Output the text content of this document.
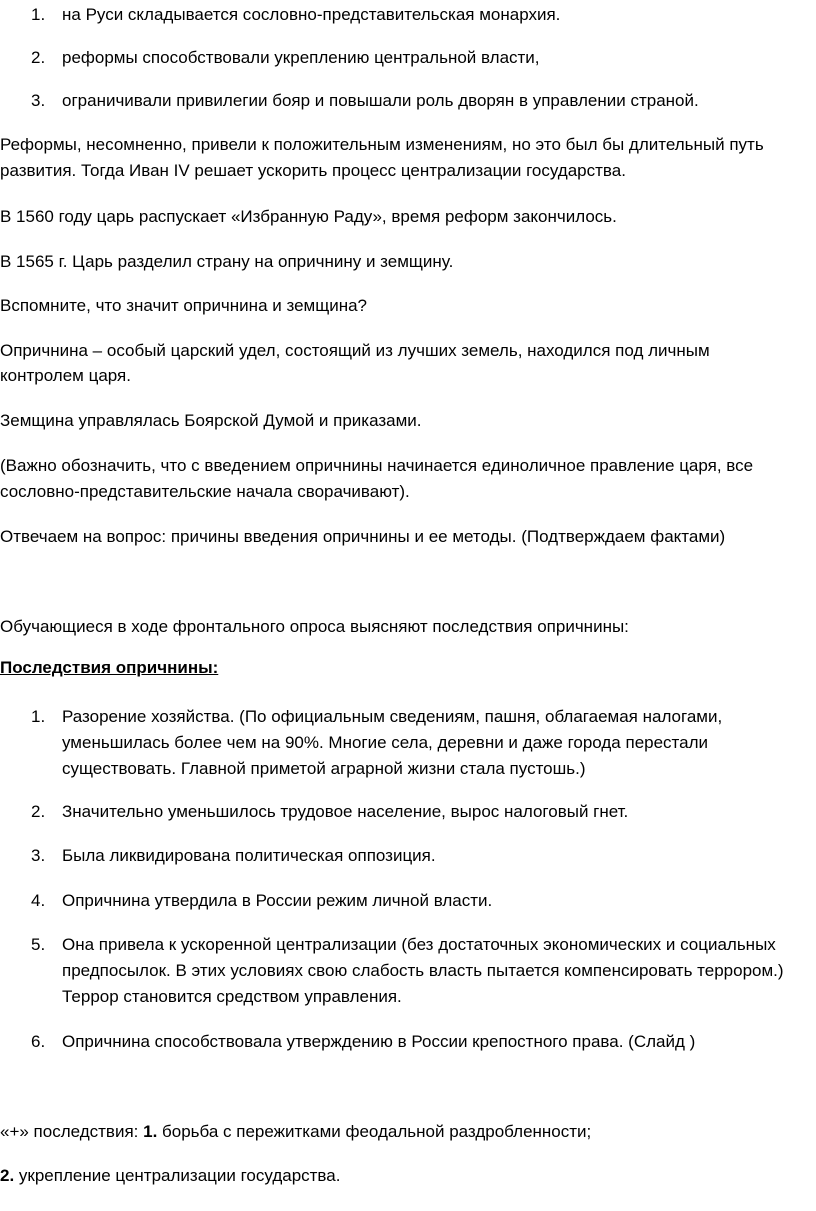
1. на Руси складывается сословно-представительская монархия.
2. реформы способствовали укреплению центральной власти,
3. ограничивали привилегии бояр и повышали роль дворян в управлении страной.
Реформы, несомненно, привели к положительным изменениям, но это был бы длительный путь
развития. Тогда Иван IV решает ускорить процесс централизации государства.
В 1560 году царь распускает «Избранную Раду», время реформ закончилось.
В 1565 г. Царь разделил страну на опричнину и земщину.
Вспомните, что значит опричнина и земщина?
Опричнина – особый царский удел, состоящий из лучших земель, находился под личным
контролем царя.
Земщина управлялась Боярской Думой и приказами.
(Важно обозначить, что с введением опричнины начинается единоличное правление царя, все
сословно-представительские начала сворачивают).
Отвечаем на вопрос: причины введения опричнины и ее методы. (Подтверждаем фактами)
Обучающиеся в ходе фронтального опроса выясняют последствия опричнины:
Последствия опричнины:
1. Разорение хозяйства. (По официальным сведениям, пашня, облагаемая налогами,
уменьшилась более чем на 90%. Многие села, деревни и даже города перестали
существовать. Главной приметой аграрной жизни стала пустошь.)
2. Значительно уменьшилось трудовое население, вырос налоговый гнет.
3. Была ликвидирована политическая оппозиция.
4. Опричнина утвердила в России режим личной власти.
5. Она привела к ускоренной централизации (без достаточных экономических и социальных
предпосылок. В этих условиях свою слабость власть пытается компенсировать террором.)
Террор становится средством управления.
6. Опричнина способствовала утверждению в России крепостного права. (Слайд )
«+» последствия: 1. борьба с пережитками феодальной раздробленности;
2. укрепление централизации государства.
